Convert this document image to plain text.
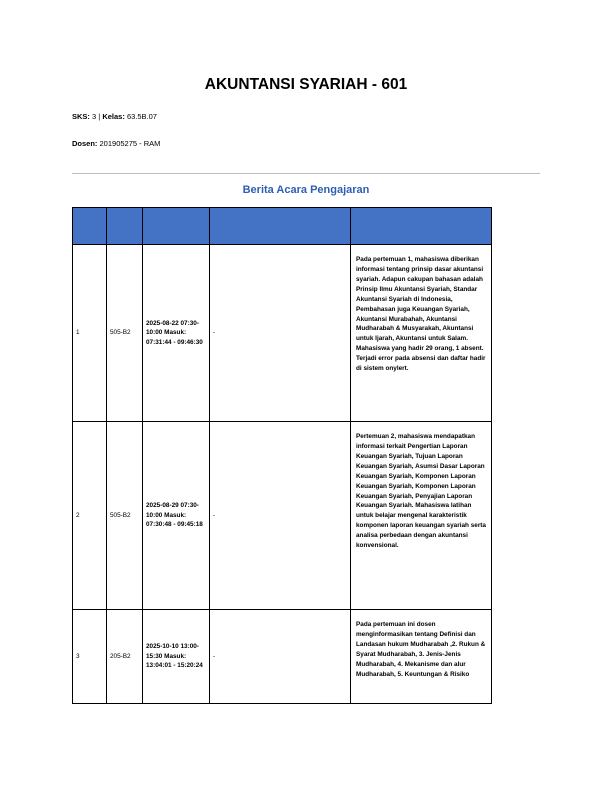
AKUNTANSI SYARIAH - 601
SKS: 3 | Kelas: 63.5B.07
Dosen: 201905275 - RAM
Berita Acara Pengajaran

1	505-B2	2025-08-22 07:30-10:00 Masuk: 07:31:44 - 09:46:30	-	Pada pertemuan 1, mahasiswa diberikan informasi tentang prinsip dasar akuntansi syariah. Adapun cakupan bahasan adalah Prinsip Ilmu Akuntansi Syariah, Standar Akuntansi Syariah di Indonesia, Pembahasan juga Keuangan Syariah, Akuntansi Murabahah, Akuntansi Mudharabah & Musyarakah, Akuntansi untuk Ijarah, Akuntansi untuk Salam. Mahasiswa yang hadir 29 orang, 1 absent. Terjadi error pada absensi dan daftar hadir di sistem onylert.
2	505-B2	2025-08-29 07:30-10:00 Masuk: 07:30:48 - 09:45:18	-	Pertemuan 2, mahasiswa mendapatkan informasi terkait Pengertian Laporan Keuangan Syariah, Tujuan Laporan Keuangan Syariah, Asumsi Dasar Laporan Keuangan Syariah, Komponen Laporan Keuangan Syariah, Komponen Laporan Keuangan Syariah, Penyajian Laporan Keuangan Syariah. Mahasiswa latihan untuk belajar mengenal karakteristik komponen laporan keuangan syariah serta analisa perbedaan dengan akuntansi konvensional.
3	205-B2	2025-10-10 13:00-15:30 Masuk: 13:04:01 - 15:20:24	-	Pada pertemuan ini dosen menginformasikan tentang Definisi dan Landasan hukum Mudharabah ,2. Rukun & Syarat Mudharabah, 3. Jenis-Jenis Mudharabah, 4. Mekanisme dan alur Mudharabah, 5. Keuntungan & Risiko
